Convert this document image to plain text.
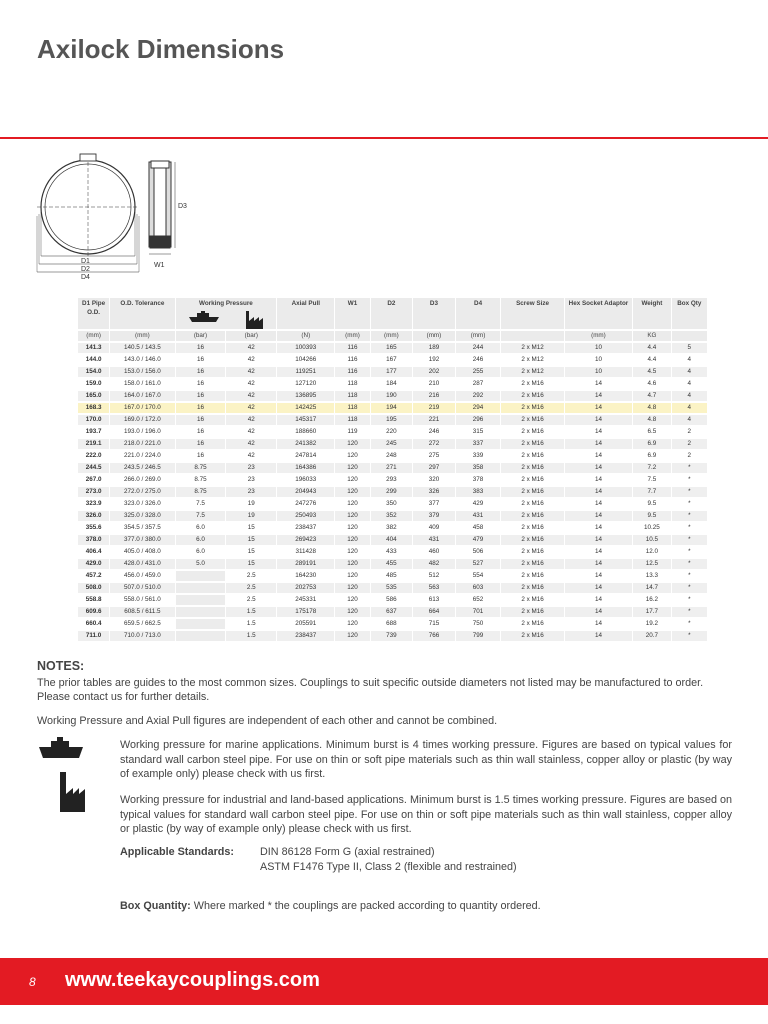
Axilock Dimensions
D1
D2
D4
D3
W1
D1 Pipe O.D.	O.D. Tolerance	Working Pressure		Axial Pull	W1	D2	D3	D4	Screw Size	Hex Socket Adaptor	Weight	Box Qty
(mm)	(mm)	(bar)	(bar)	(N)	(mm)	(mm)	(mm)	(mm)		(mm)	KG	
141.3	140.5 / 143.5	16	42	100393	116	165	189	244	2 x M12	10	4.4	5
144.0	143.0 / 146.0	16	42	104266	116	167	192	246	2 x M12	10	4.4	4
154.0	153.0 / 156.0	16	42	119251	116	177	202	255	2 x M12	10	4.5	4
159.0	158.0 / 161.0	16	42	127120	118	184	210	287	2 x M16	14	4.6	4
165.0	164.0 / 167.0	16	42	136895	118	190	216	292	2 x M16	14	4.7	4
168.3	167.0 / 170.0	16	42	142425	118	194	219	294	2 x M16	14	4.8	4
170.0	169.0 / 172.0	16	42	145317	118	195	221	296	2 x M16	14	4.8	4
193.7	193.0 / 196.0	16	42	188660	119	220	246	315	2 x M16	14	6.5	2
219.1	218.0 / 221.0	16	42	241382	120	245	272	337	2 x M16	14	6.9	2
222.0	221.0 / 224.0	16	42	247814	120	248	275	339	2 x M16	14	6.9	2
244.5	243.5 / 246.5	8.75	23	164386	120	271	297	358	2 x M16	14	7.2	*
267.0	266.0 / 269.0	8.75	23	196033	120	293	320	378	2 x M16	14	7.5	*
273.0	272.0 / 275.0	8.75	23	204943	120	299	326	383	2 x M16	14	7.7	*
323.9	323.0 / 326.0	7.5	19	247276	120	350	377	429	2 x M16	14	9.5	*
326.0	325.0 / 328.0	7.5	19	250493	120	352	379	431	2 x M16	14	9.5	*
355.6	354.5 / 357.5	6.0	15	238437	120	382	409	458	2 x M16	14	10.25	*
378.0	377.0 / 380.0	6.0	15	269423	120	404	431	479	2 x M16	14	10.5	*
406.4	405.0 / 408.0	6.0	15	311428	120	433	460	506	2 x M16	14	12.0	*
429.0	428.0 / 431.0	5.0	15	289191	120	455	482	527	2 x M16	14	12.5	*
457.2	456.0 / 459.0		2.5	164230	120	485	512	554	2 x M16	14	13.3	*
508.0	507.0 / 510.0		2.5	202753	120	535	563	603	2 x M16	14	14.7	*
558.8	558.0 / 561.0		2.5	245331	120	586	613	652	2 x M16	14	16.2	*
609.6	608.5 / 611.5		1.5	175178	120	637	664	701	2 x M16	14	17.7	*
660.4	659.5 / 662.5		1.5	205591	120	688	715	750	2 x M16	14	19.2	*
711.0	710.0 / 713.0		1.5	238437	120	739	766	799	2 x M16	14	20.7	*
NOTES:

The prior tables are guides to the most common sizes. Couplings to suit specific outside diameters not listed may be manufactured to order. Please contact us for further details.

Working Pressure and Axial Pull figures are independent of each other and cannot be combined.

Working pressure for marine applications. Minimum burst is 4 times working pressure. Figures are based on typical values for standard wall carbon steel pipe. For use on thin or soft pipe materials such as thin wall stainless, copper alloy or plastic (by way of example only) please check with us first.

Working pressure for industrial and land-based applications. Minimum burst is 1.5 times working pressure. Figures are based on typical values for standard wall carbon steel pipe. For use on thin or soft pipe materials such as thin wall stainless, copper alloy or plastic (by way of example only) please check with us first.

Applicable Standards: DIN 86128 Form G (axial restrained)
ASTM F1476 Type II, Class 2 (flexible and restrained)
Box Quantity: Where marked * the couplings are packed according to quantity ordered.
8 www.teekaycouplings.com
